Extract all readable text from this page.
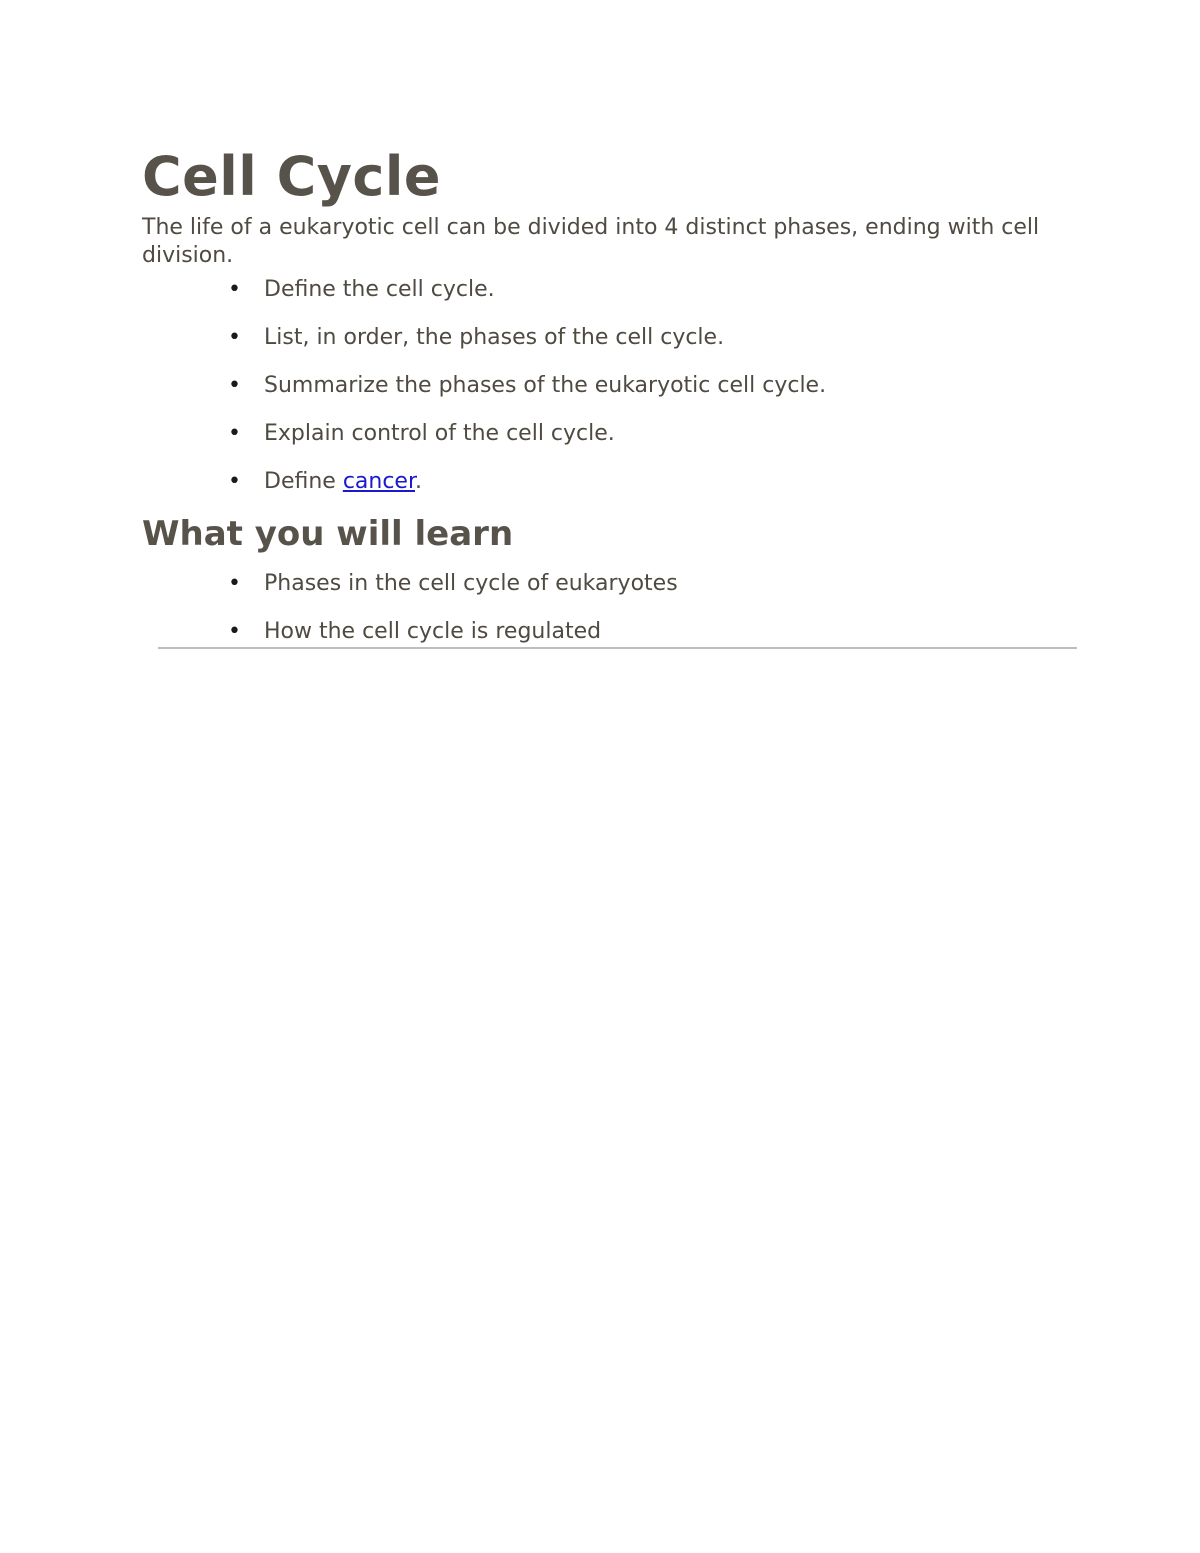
Cell Cycle

The life of a eukaryotic cell can be divided into 4 distinct phases, ending with cell division.

• Define the cell cycle.
• List, in order, the phases of the cell cycle.
• Summarize the phases of the eukaryotic cell cycle.
• Explain control of the cell cycle.
• Define cancer.
What you will learn
• Phases in the cell cycle of eukaryotes
• How the cell cycle is regulated
